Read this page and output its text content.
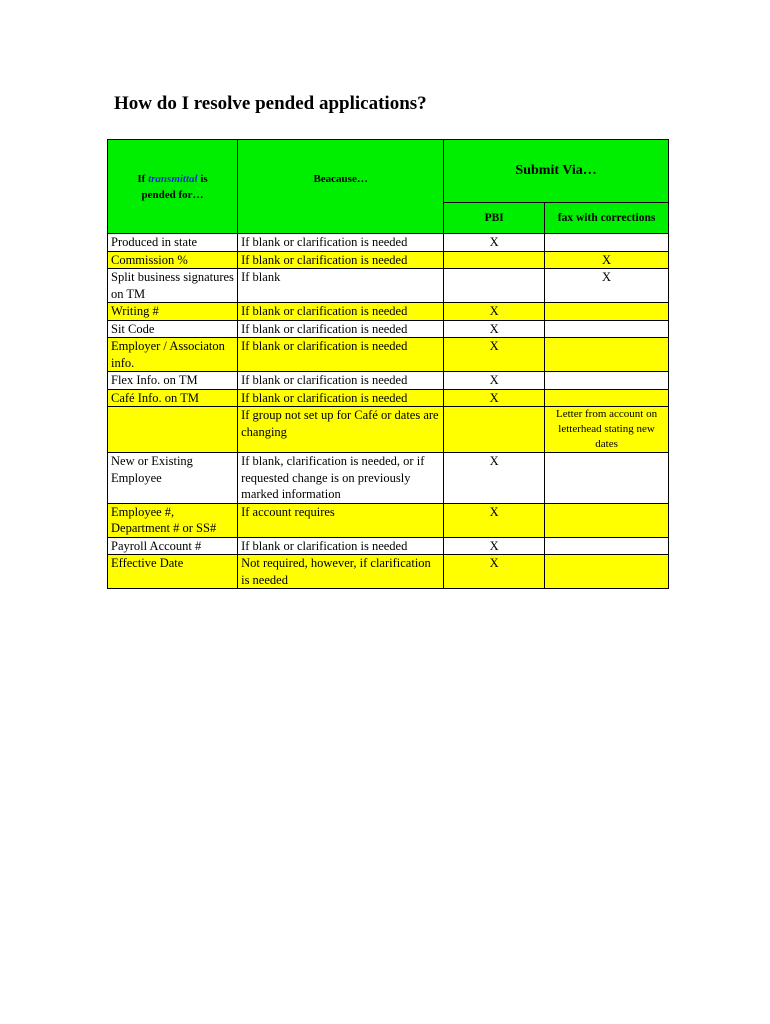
How do I resolve pended applications?
If transmittal is
pended for…	Beacause…	Submit Via…	
		PBI	fax with corrections
Produced in state	If blank or clarification is needed	X	
Commission %	If blank or clarification is needed		X
Split business signatures on TM	If blank		X
Writing #	If blank or clarification is needed	X	
Sit Code	If blank or clarification is needed	X	
Employer / Associaton info.	If blank or clarification is needed	X	
Flex Info. on TM	If blank or clarification is needed	X	
Café Info. on TM	If blank or clarification is needed	X	
	If group not set up for Café or dates are changing		Letter from account on letterhead stating new dates
New or Existing Employee	If blank, clarification is needed, or if requested change is on previously marked information	X	
Employee #, Department # or SS#	If account requires	X	
Payroll Account #	If blank or clarification is needed	X	
Effective Date	Not required, however, if clarification is needed	X	
